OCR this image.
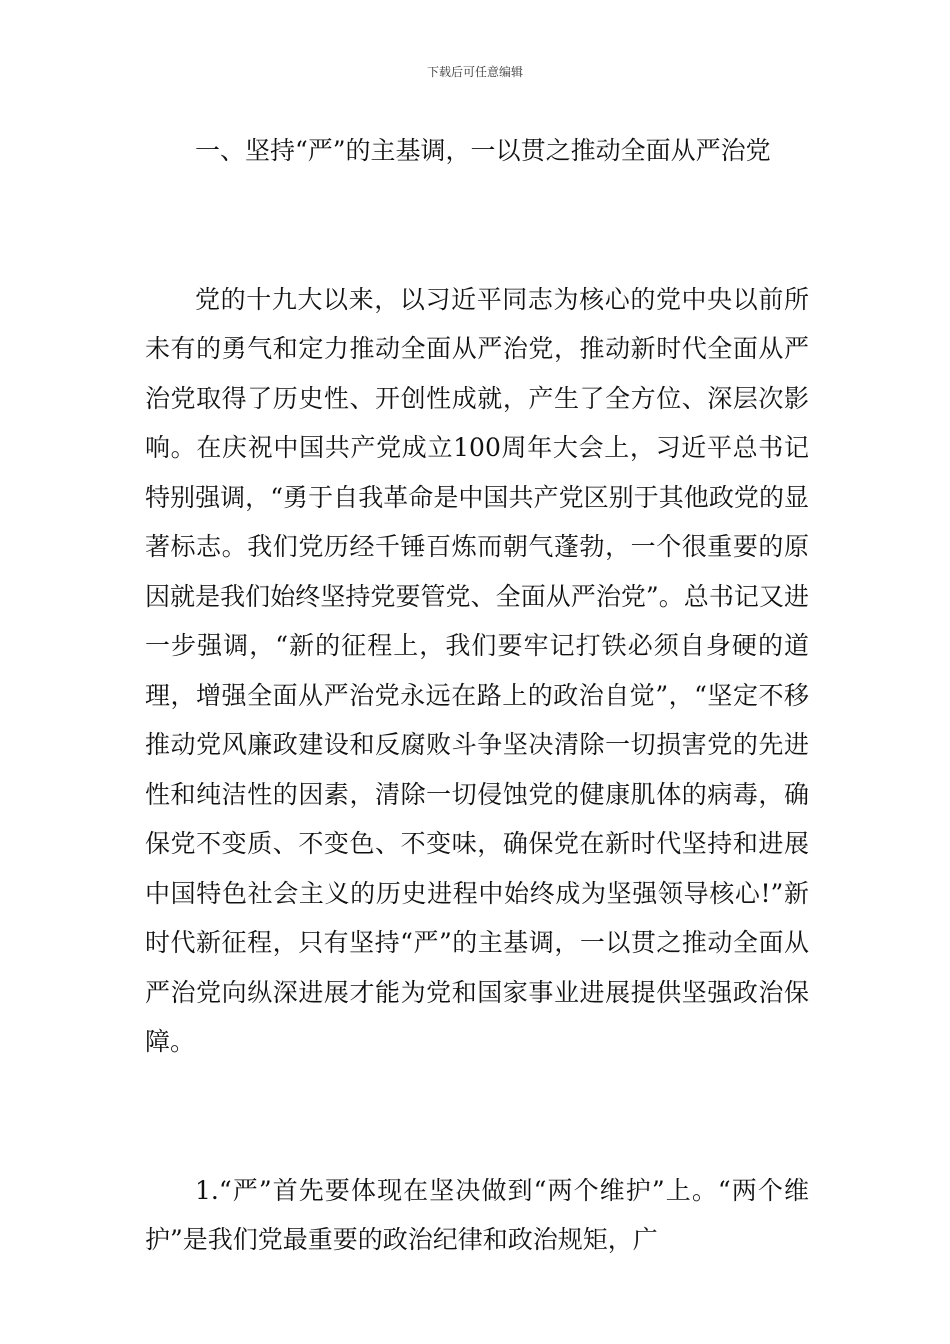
下载后可任意编辑

一、坚持“严”的主基调，一以贯之推动全面从严治党

党的十九大以来，以习近平同志为核心的党中央以前所未有的勇气和定力推动全面从严治党，推动新时代全面从严治党取得了历史性、开创性成就，产生了全方位、深层次影响。在庆祝中国共产党成立100周年大会上，习近平总书记特别强调，“勇于自我革命是中国共产党区别于其他政党的显著标志。我们党历经千锤百炼而朝气蓬勃，一个很重要的原因就是我们始终坚持党要管党、全面从严治党”。总书记又进一步强调，“新的征程上，我们要牢记打铁必须自身硬的道理，增强全面从严治党永远在路上的政治自觉”，“坚定不移推动党风廉政建设和反腐败斗争坚决清除一切损害党的先进性和纯洁性的因素，清除一切侵蚀党的健康肌体的病毒，确保党不变质、不变色、不变味，确保党在新时代坚持和进展中国特色社会主义的历史进程中始终成为坚强领导核心!”新时代新征程，只有坚持“严”的主基调，一以贯之推动全面从严治党向纵深进展才能为党和国家事业进展提供坚强政治保障。

1.“严”首先要体现在坚决做到“两个维护”上。“两个维护”是我们党最重要的政治纪律和政治规矩，广
